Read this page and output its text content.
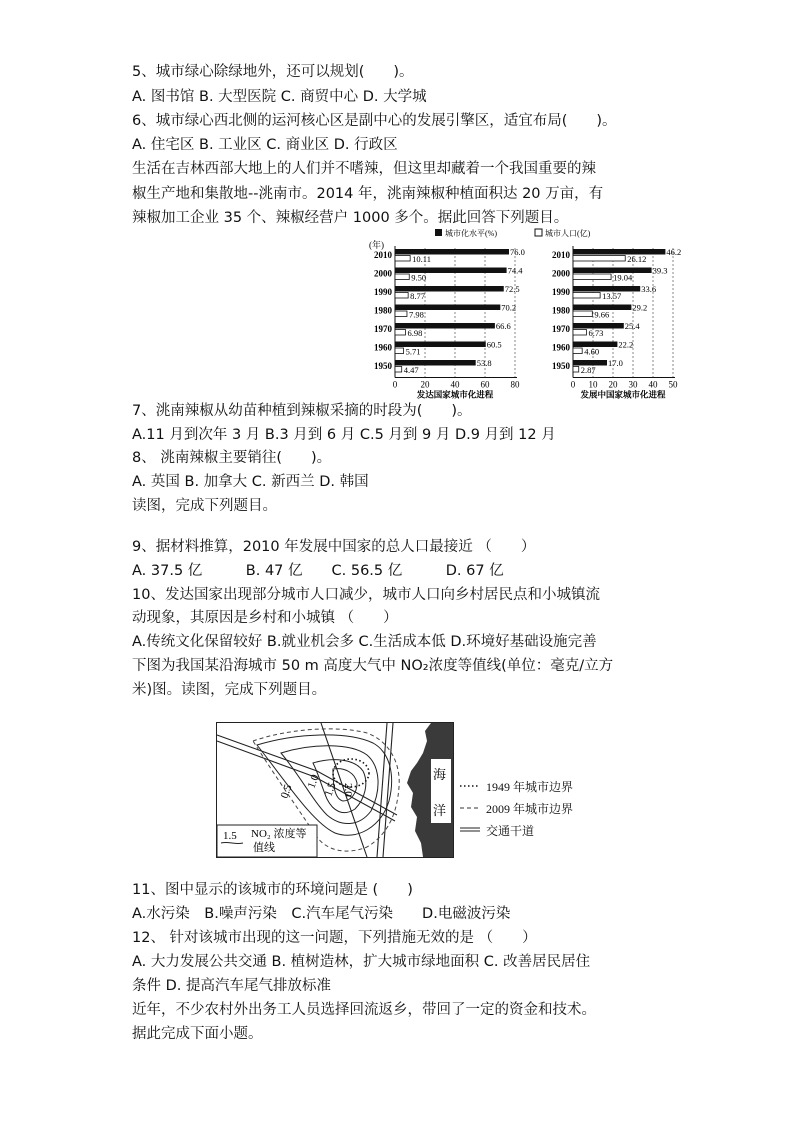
5、城市绿心除绿地外，还可以规划(　　)。
A. 图书馆 B. 大型医院 C. 商贸中心 D. 大学城
6、城市绿心西北侧的运河核心区是副中心的发展引擎区，适宜布局(　　)。
A. 住宅区 B. 工业区 C. 商业区 D. 行政区
生活在吉林西部大地上的人们并不嗜辣，但这里却藏着一个我国重要的辣
椒生产地和集散地--洮南市。2014 年，洮南辣椒种植面积达 20 万亩，有
辣椒加工企业 35 个、辣椒经营户 1000 多个。据此回答下列题目。
城市化水平(%)	城市人口(亿)
(年)
2010	76.0
10.11
2000	74.4
9.50
1990	72.5
8.77
1980	70.2
7.98
1970	66.6
6.98
1960	60.5
5.71
1950	53.8
4.47
0	20 40 60 80
发达国家城市化进程
2010	46.2
26.12
2000	39.3
19.04
1990	33.6
13.57
1980	29.2
9.66
1970	25.4
6.73
1960	22.2
4.60
1950	17.0
2.87
0 10 20 30 40 50
发展中国家城市化进程
7、洮南辣椒从幼苗种植到辣椒采摘的时段为(　　)。
A.11 月到次年 3 月 B.3 月到 6 月 C.5 月到 9 月 D.9 月到 12 月
8、 洮南辣椒主要销往(　　)。
A. 英国 B. 加拿大 C. 新西兰 D. 韩国
读图，完成下列题目。
9、据材料推算，2010 年发展中国家的总人口最接近 （　　）
A. 37.5 亿　　　B. 47 亿　　C. 56.5 亿　　　D. 67 亿
10、发达国家出现部分城市人口减少，城市人口向乡村居民点和小城镇流
动现象，其原因是乡村和小城镇 （　　）
A.传统文化保留较好 B.就业机会多 C.生活成本低 D.环境好基础设施完善
下图为我国某沿海城市 50 m 高度大气中 NO₂浓度等值线(单位：毫克/立方
米)图。读图，完成下列题目。
0.5
1.0 1.5 2.0
海
洋
1.5 NO₂ 浓度等
值线
1949 年城市边界
2009 年城市边界
交通干道
11、图中显示的该城市的环境问题是 (　　)
A.水污染　B.噪声污染　C.汽车尾气污染　　D.电磁波污染
12、 针对该城市出现的这一问题，下列措施无效的是 （　　）
A. 大力发展公共交通 B. 植树造林，扩大城市绿地面积 C. 改善居民居住
条件 D. 提高汽车尾气排放标准
近年，不少农村外出务工人员选择回流返乡，带回了一定的资金和技术。
据此完成下面小题。
